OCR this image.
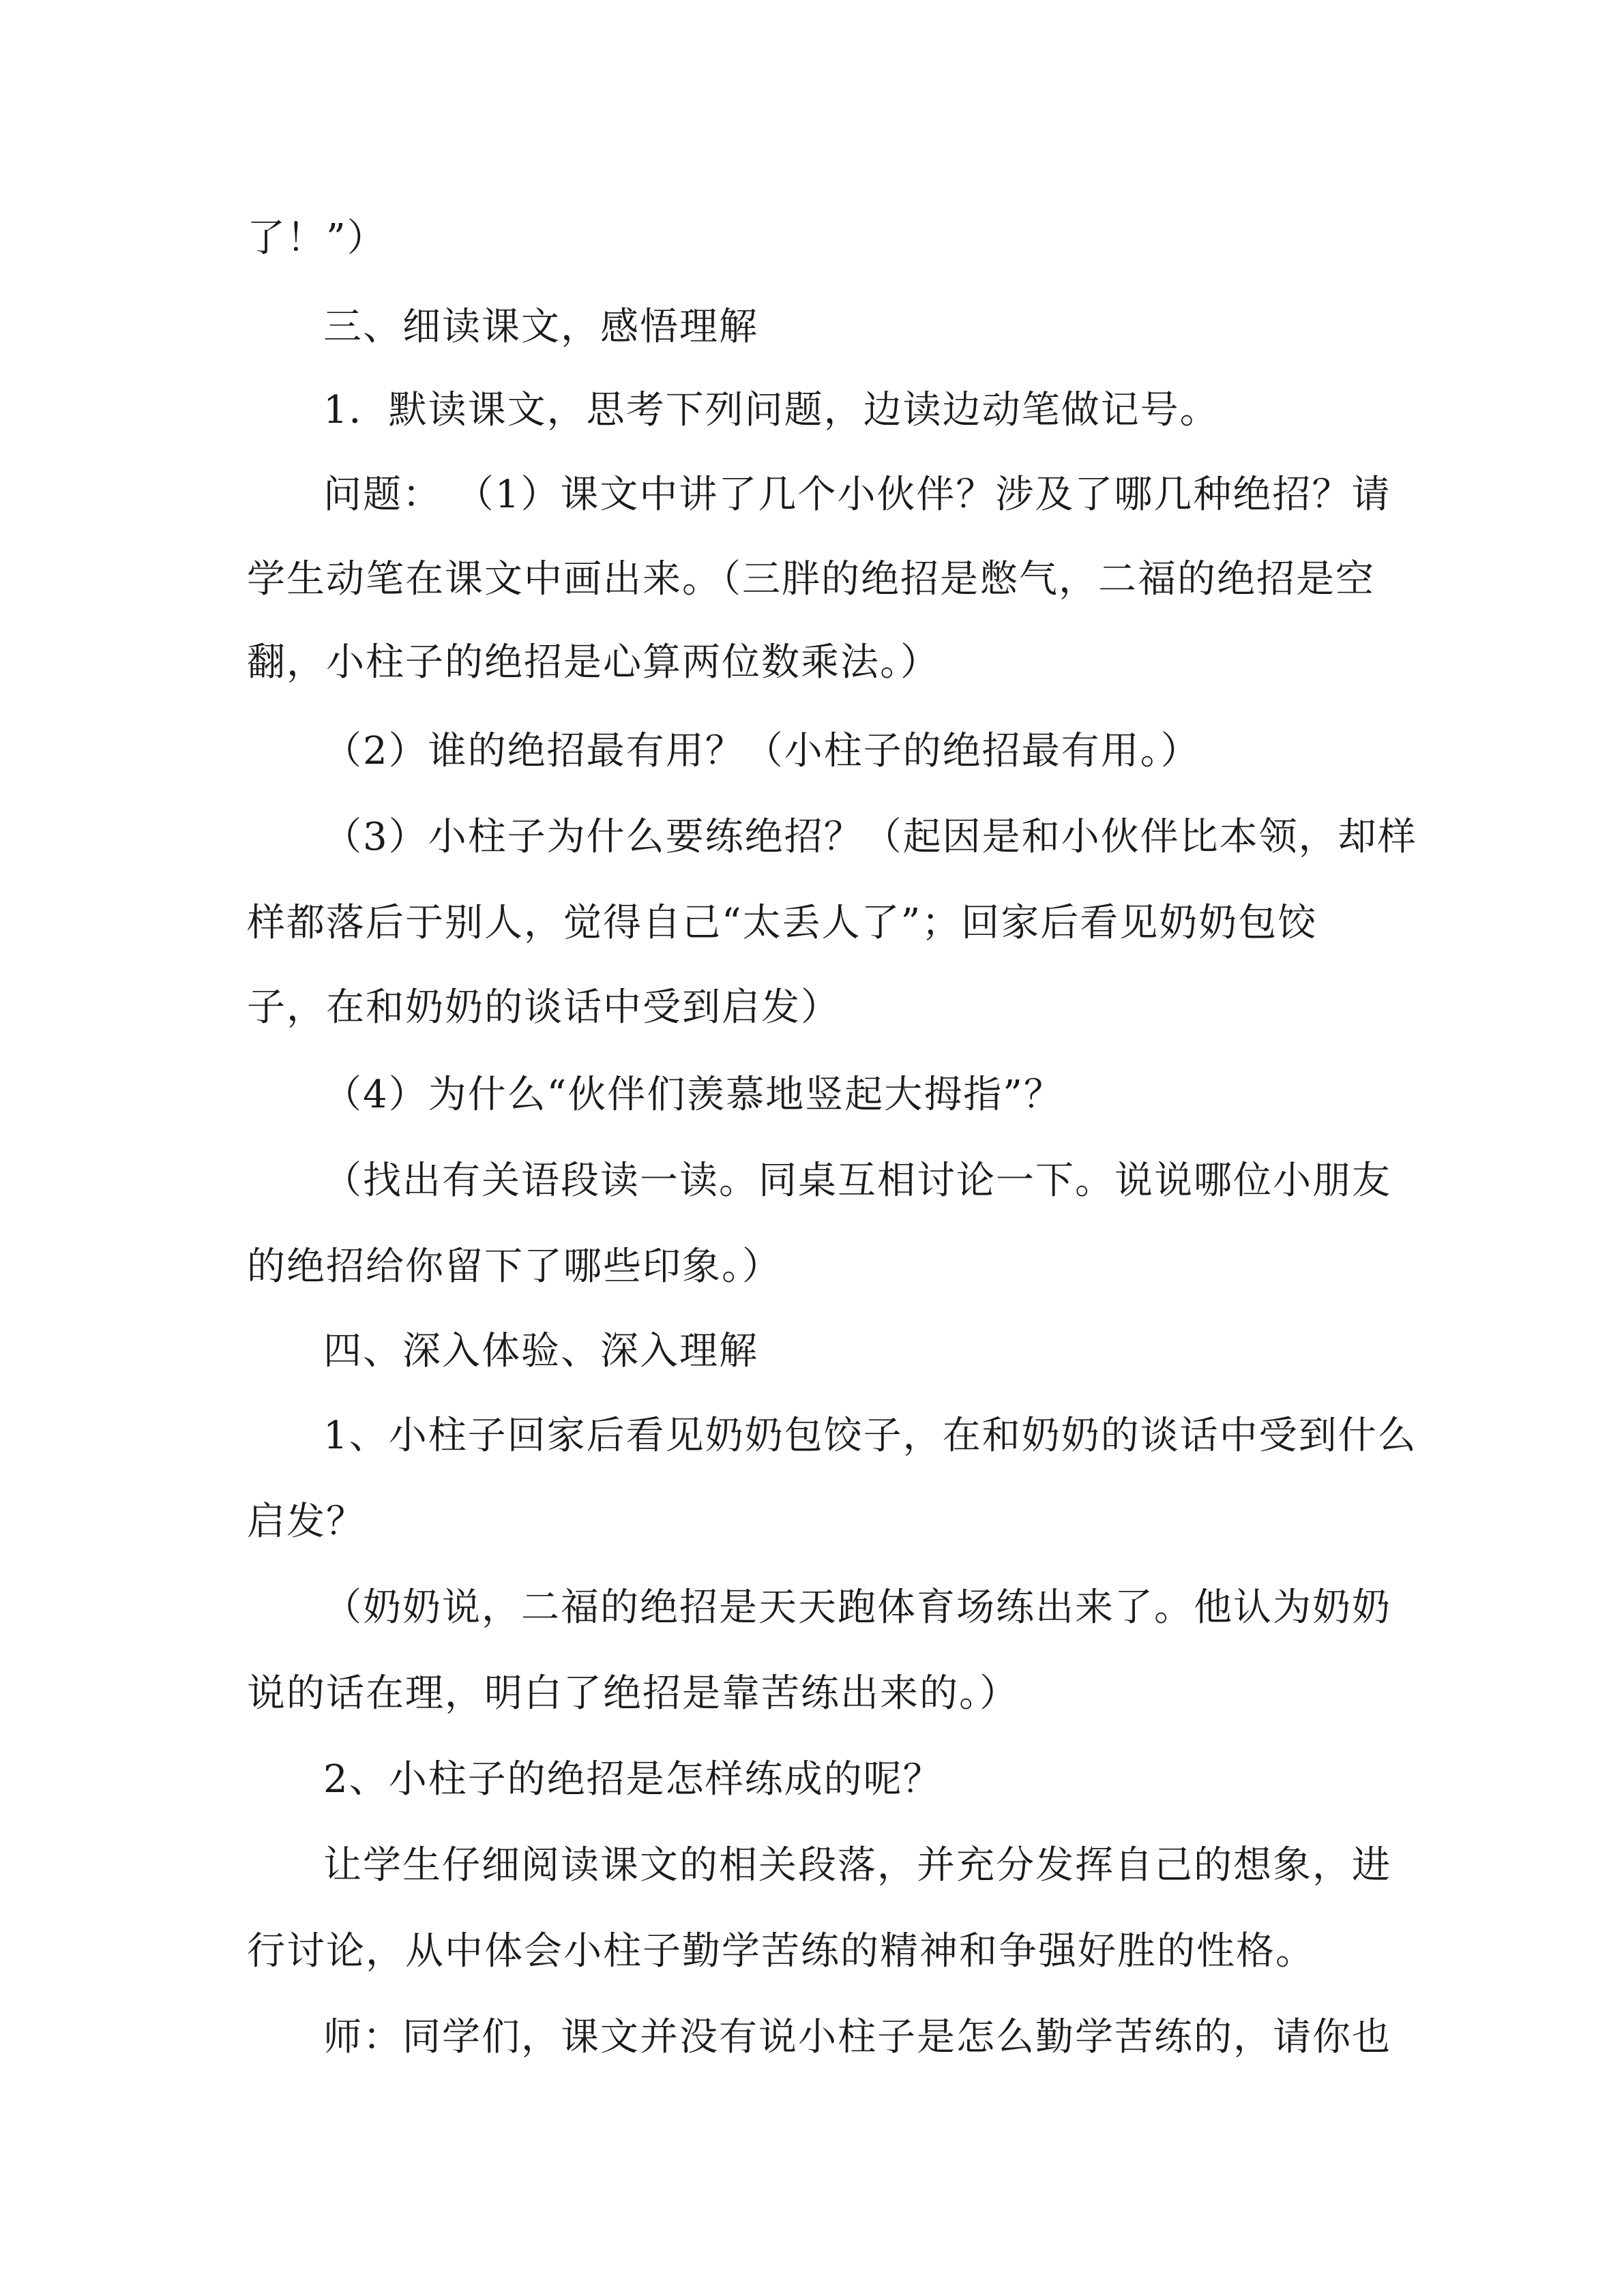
了！”）
三、细读课文，感悟理解
1．默读课文，思考下列问题，边读边动笔做记号。
问题： （1）课文中讲了几个小伙伴？涉及了哪几种绝招？请
学生动笔在课文中画出来。（三胖的绝招是憋气，二福的绝招是空
翻，小柱子的绝招是心算两位数乘法。）
（2）谁的绝招最有用？（小柱子的绝招最有用。）
（3）小柱子为什么要练绝招？（起因是和小伙伴比本领，却样
样都落后于别人，觉得自己“太丢人了”；回家后看见奶奶包饺
子，在和奶奶的谈话中受到启发）
（4）为什么“伙伴们羡慕地竖起大拇指”？
（找出有关语段读一读。同桌互相讨论一下。说说哪位小朋友
的绝招给你留下了哪些印象。）
四、深入体验、深入理解
1、小柱子回家后看见奶奶包饺子，在和奶奶的谈话中受到什么
启发？
（奶奶说，二福的绝招是天天跑体育场练出来了。他认为奶奶
说的话在理，明白了绝招是靠苦练出来的。）
2、小柱子的绝招是怎样练成的呢？
让学生仔细阅读课文的相关段落，并充分发挥自己的想象，进
行讨论，从中体会小柱子勤学苦练的精神和争强好胜的性格。
师：同学们，课文并没有说小柱子是怎么勤学苦练的，请你也
